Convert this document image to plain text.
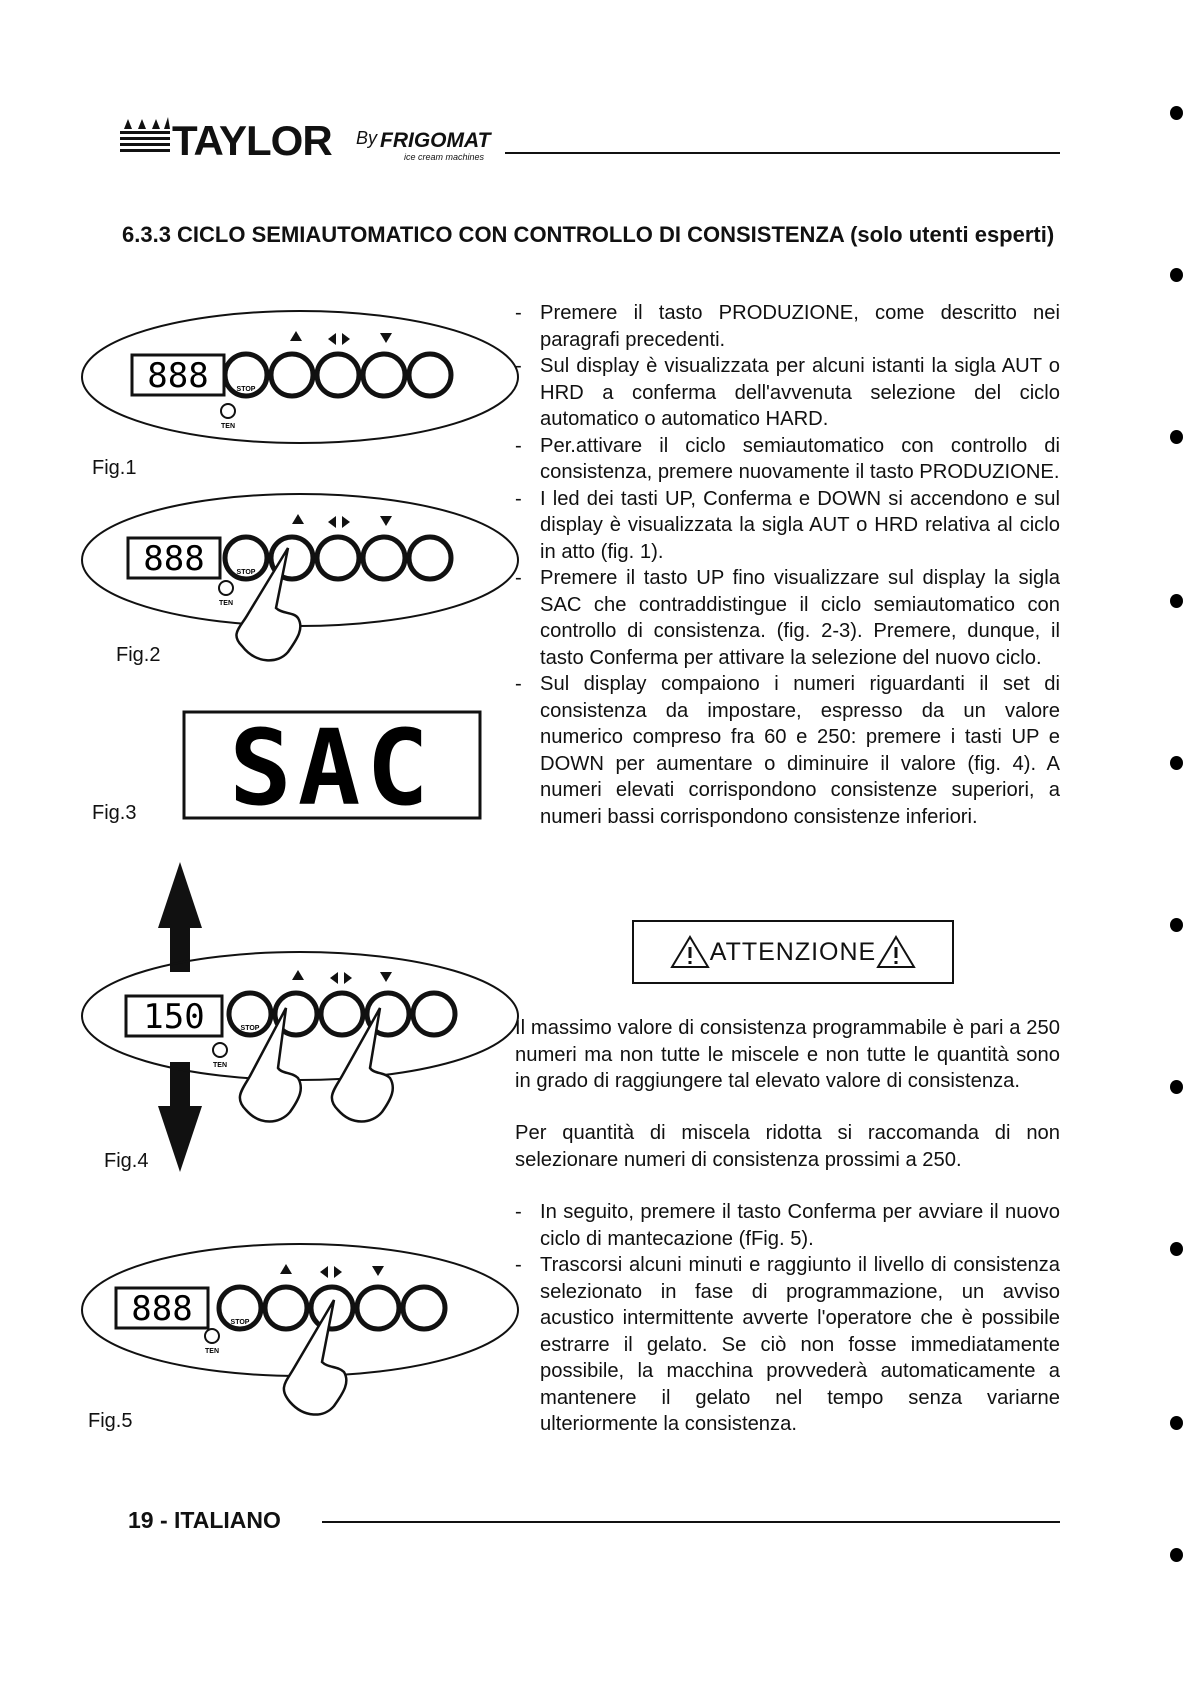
TAYLOR By FRIGOMAT
ice cream machines
6.3.3 CICLO SEMIAUTOMATICO CON CONTROLLO DI CONSISTENZA (solo utenti esperti)
- Premere il tasto PRODUZIONE, come descritto nei paragrafi precedenti.
- Sul display è visualizzata per alcuni istanti la sigla AUT o HRD a conferma dell'avvenuta selezione del ciclo automatico o automatico HARD.
- Per.attivare il ciclo semiautomatico con controllo di consistenza, premere nuovamente il tasto PRODUZIONE.
- I led dei tasti UP, Conferma e DOWN si accendono e sul display è visualizzata la sigla AUT o HRD relativa al ciclo in atto (fig. 1).
- Premere il tasto UP fino visualizzare sul display la sigla SAC che contraddistingue il ciclo semiautomatico con controllo di consistenza. (fig. 2-3). Premere, dunque, il tasto Conferma per attivare la selezione del nuovo ciclo.
- Sul display compaiono i numeri riguardanti il set di consistenza da impostare, espresso da un valore numerico compreso fra 60 e 250: premere i tasti UP e DOWN per aumentare o diminuire il valore (fig. 4). A numeri elevati corrispondono consistenze superiori, a numeri bassi corrispondono consistenze inferiori.
ATTENZIONE

Il massimo valore di consistenza programmabile è pari a 250 numeri ma non tutte le miscele e non tutte le quantità sono in grado di raggiungere tal elevato valore di consistenza.

Per quantità di miscela ridotta si raccomanda di non selezionare numeri di consistenza prossimi a 250.

- In seguito, premere il tasto Conferma per avviare il nuovo ciclo di mantecazione (fFig. 5).
- Trascorsi alcuni minuti e raggiunto il livello di consistenza selezionato in fase di programmazione, un avviso acustico intermittente avverte l'operatore che è possibile estrarre il gelato. Se ciò non fosse immediatamente possibile, la macchina provvederà automaticamente a mantenere il gelato nel tempo senza variarne ulteriormente la consistenza.
888	STOP
TEN
Fig.1
888	STOP
TEN
Fig.2
SAC
Fig.3
150	STOP
TEN
Fig.4
888	STOP
TEN
Fig.5
19 - ITALIANO
